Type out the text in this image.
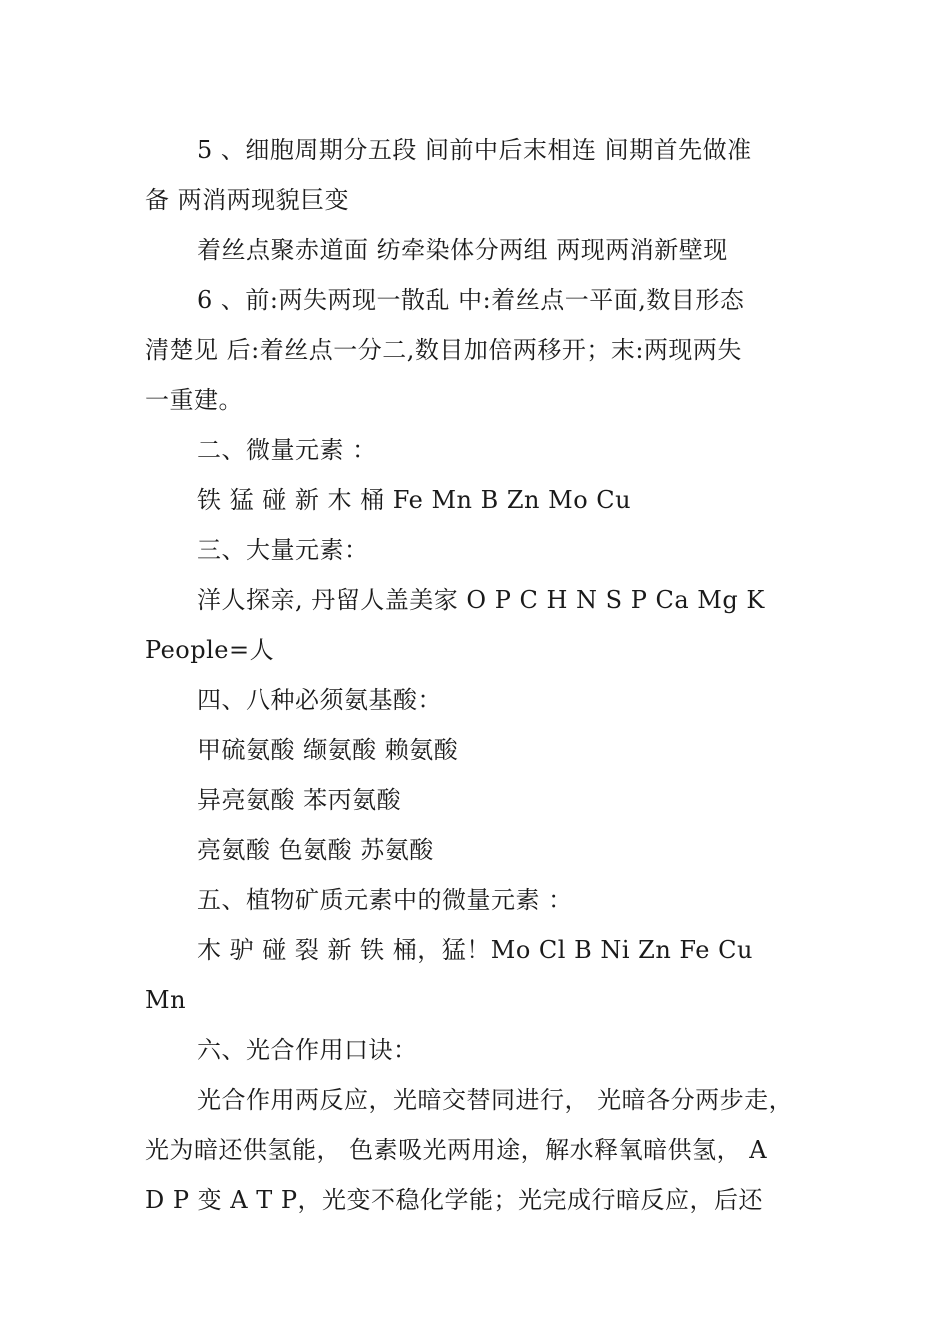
5 、细胞周期分五段 间前中后末相连 间期首先做准
备 两消两现貌巨变
着丝点聚赤道面 纺牵染体分两组 两现两消新壁现
6 、前:两失两现一散乱 中:着丝点一平面,数目形态
清楚见 后:着丝点一分二,数目加倍两移开；末:两现两失
一重建。
二、微量元素 ：
铁 猛 碰 新 木 桶 Fe Mn B Zn Mo Cu
三、大量元素：
洋人探亲, 丹留人盖美家 O P C H N S P Ca Mg K
People=人
四、八种必须氨基酸：
甲硫氨酸 缬氨酸 赖氨酸
异亮氨酸 苯丙氨酸
亮氨酸 色氨酸 苏氨酸
五、植物矿质元素中的微量元素 ：
木 驴 碰 裂 新 铁 桶，猛！Mo Cl B Ni Zn Fe Cu
Mn
六、光合作用口诀：
光合作用两反应，光暗交替同进行， 光暗各分两步走，
光为暗还供氢能， 色素吸光两用途，解水释氧暗供氢， A
D P 变 A T P，光变不稳化学能；光完成行暗反应，后还
